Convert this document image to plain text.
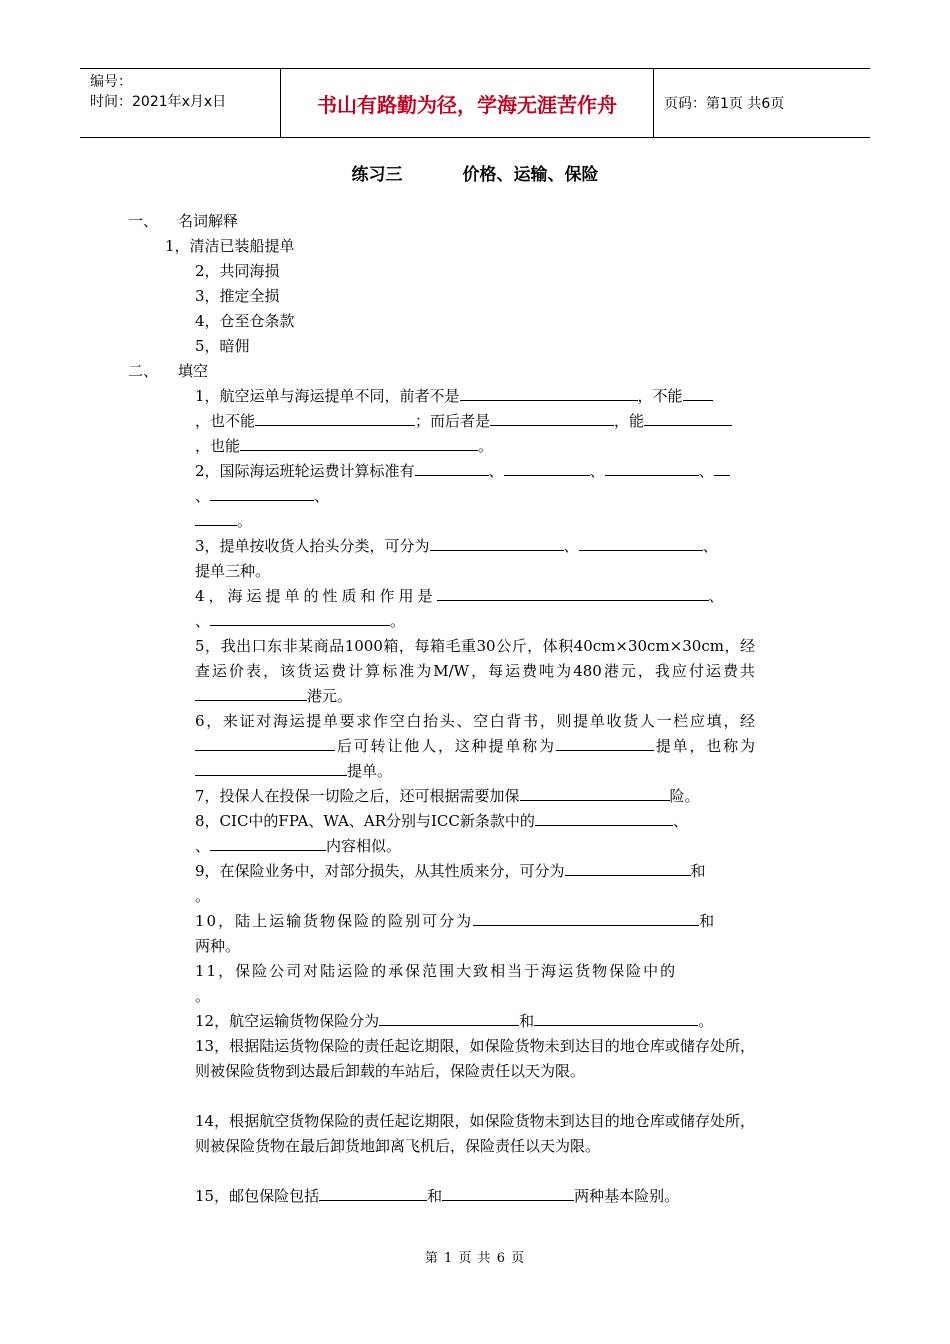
编号：
时间：2021年x月x日	书山有路勤为径，学海无涯苦作舟	页码：第1页 共6页
练习三	价格、运输、保险
一、 名词解释
1，清洁已装船提单
2，共同海损
3，推定全损
4，仓至仓条款
5，暗佣
二、 填空
1，航空运单与海运提单不同，前者不是	，不能
，也不能	；而后者是	，能
，也能	。
2，国际海运班轮运费计算标准有	、	、	、
、	、
。
3，提单按收货人抬头分类，可分为	、	、
提单三种。
4，海运提单的性质和作用是	、
、	。
5，我出口东非某商品1000箱，每箱毛重30公斤，体积40cm×30cm×30cm，经查运价表，该货运费计算标准为M/W，每运费吨为480港元，我应付运费共港元。
6，来证对海运提单要求作空白抬头、空白背书，则提单收货人一栏应填，经后可转让他人，这种提单称为	提单，也称为提单。
7，投保人在投保一切险之后，还可根据需要加保	险。
8，CIC中的FPA、WA、AR分别与ICC新条款中的	、
、	内容相似。
9，在保险业务中，对部分损失，从其性质来分，可分为	和
。
10，陆上运输货物保险的险别可分为	和
两种。
11，保险公司对陆运险的承保范围大致相当于海运货物保险中的
。
12，航空运输货物保险分为	和	。
13，根据陆运货物保险的责任起讫期限，如保险货物未到达目的地仓库或储存处所，则被保险货物到达最后卸载的车站后，保险责任以天为限。
14，根据航空货物保险的责任起讫期限，如保险货物未到达目的地仓库或储存处所，则被保险货物在最后卸货地卸离飞机后，保险责任以天为限。
15，邮包保险包括	和	两种基本险别。
第 1 页 共 6 页
